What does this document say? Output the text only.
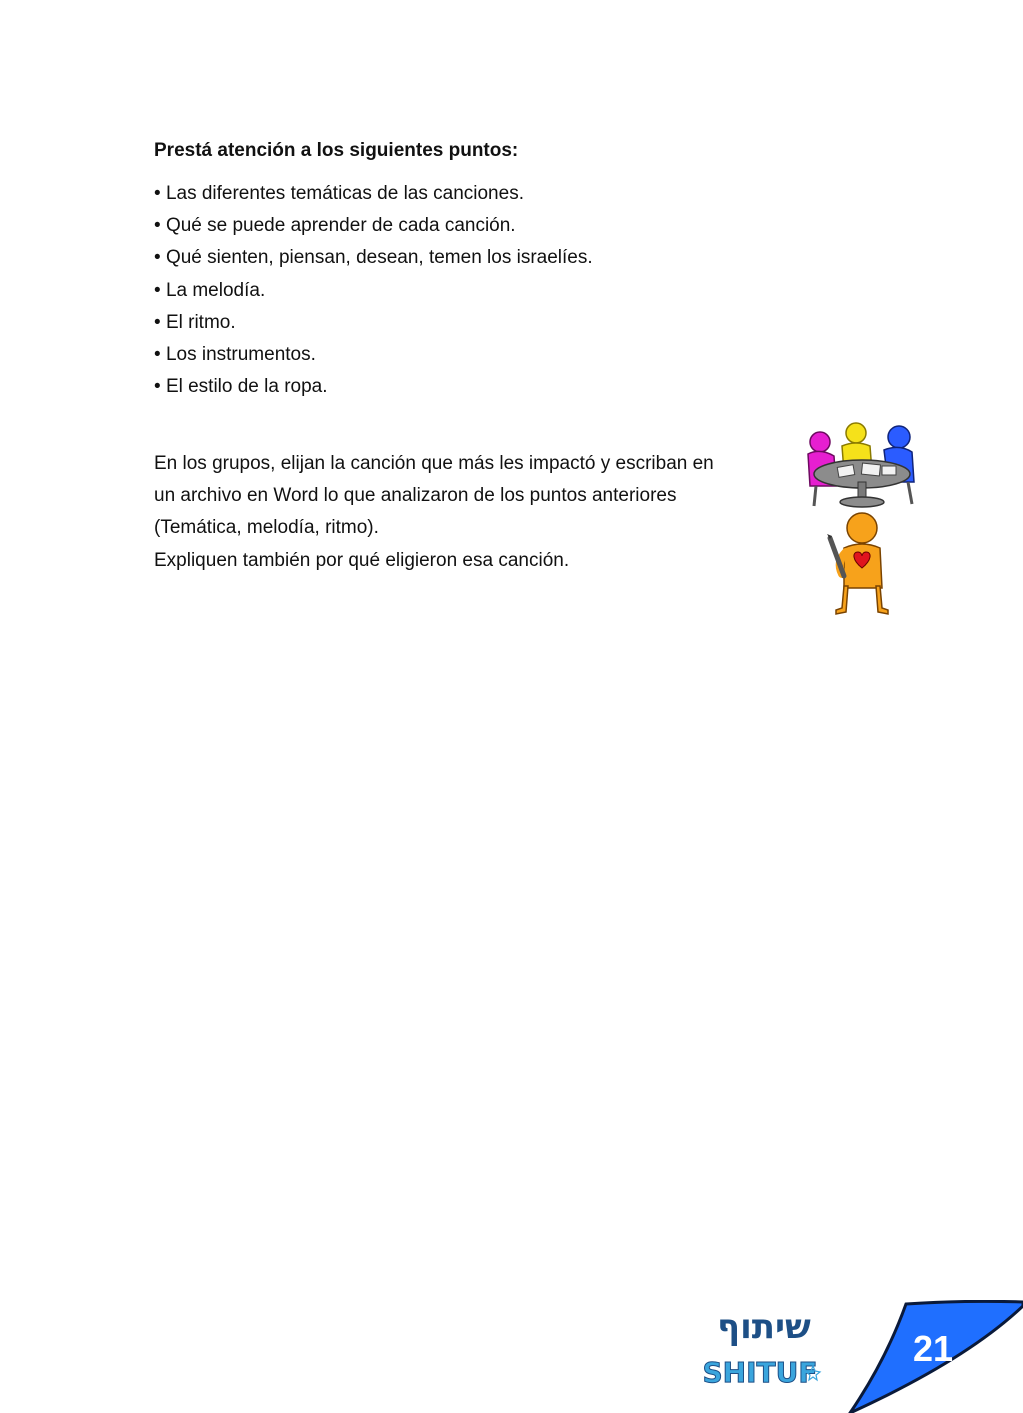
Prestá atención a los siguientes puntos:
• Las diferentes temáticas de las canciones.
• Qué se puede aprender de cada canción.
• Qué sienten, piensan, desean, temen los israelíes.
• La melodía.
• El ritmo.
• Los instrumentos.
• El estilo de la ropa.
En los grupos, elijan la canción que más les impactó y escriban en
un archivo en Word lo que analizaron de los puntos anteriores
(Temática, melodía, ritmo).
Expliquen también por qué eligieron esa canción.
שיתוף
SHITUF
21
